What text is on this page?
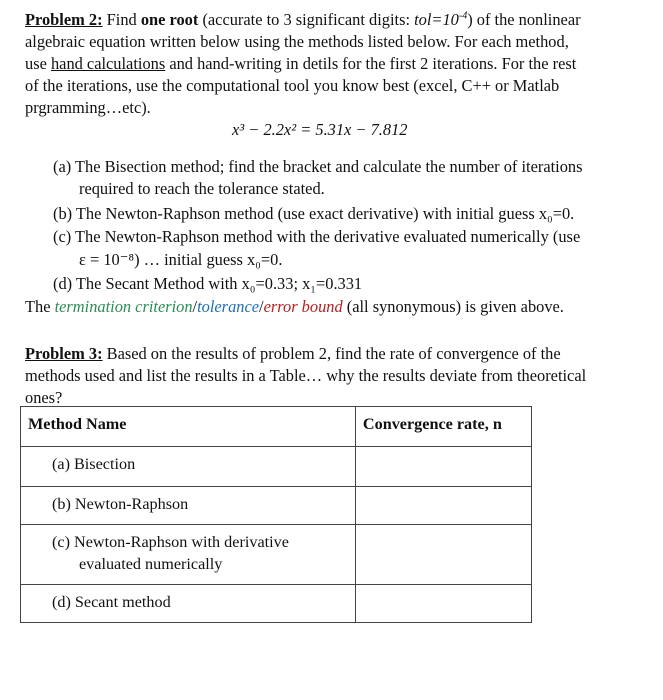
Problem 2: Find one root (accurate to 3 significant digits: $tol=10^{-4}$) of the nonlinear
algebraic equation written below using the methods listed below. For each method,
use hand calculations and hand-writing in detils for the first 2 iterations. For the rest
of the iterations, use the computational tool you know best (excel, C++ or Matlab
prgramming…etc).
x³ − 2.2x² = 5.31x − 7.812
(a) The Bisection method; find the bracket and calculate the number of iterations
required to reach the tolerance stated.
(b) The Newton-Raphson method (use exact derivative) with initial guess x₀=0.
(c) The Newton-Raphson method with the derivative evaluated numerically (use
ε = 10⁻⁸) … initial guess x₀=0.
(d) The Secant Method with x₀=0.33; x₁=0.331
The termination criterion/tolerance/error bound (all synonymous) is given above.
Problem 3: Based on the results of problem 2, find the rate of convergence of the
methods used and list the results in a Table… why the results deviate from theoretical
ones?
Method Name	Convergence rate, n
(a) Bisection	
(b) Newton-Raphson	

(c) Newton-Raphson with derivative
evaluated numerically	

(d) Secant method	
